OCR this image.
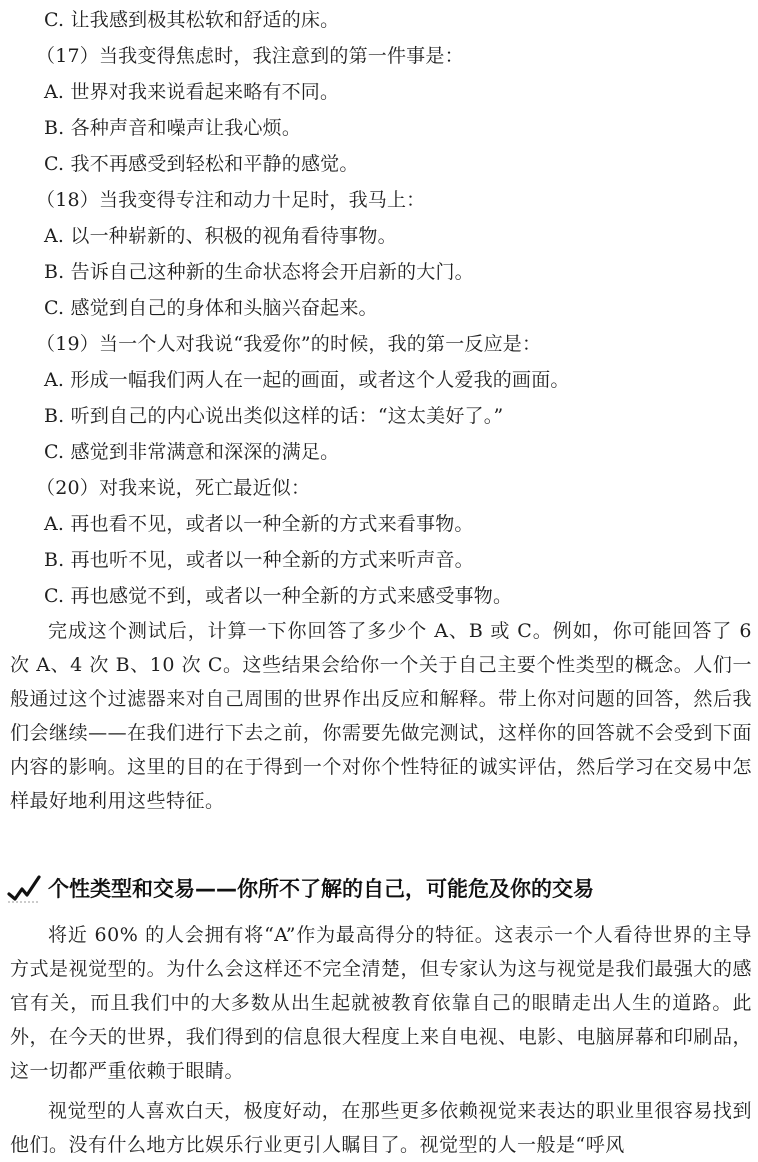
C. 让我感到极其松软和舒适的床。
（17）当我变得焦虑时，我注意到的第一件事是：
A. 世界对我来说看起来略有不同。
B. 各种声音和噪声让我心烦。
C. 我不再感受到轻松和平静的感觉。
（18）当我变得专注和动力十足时，我马上：
A. 以一种崭新的、积极的视角看待事物。
B. 告诉自己这种新的生命状态将会开启新的大门。
C. 感觉到自己的身体和头脑兴奋起来。
（19）当一个人对我说“我爱你”的时候，我的第一反应是：
A. 形成一幅我们两人在一起的画面，或者这个人爱我的画面。
B. 听到自己的内心说出类似这样的话：“这太美好了。”
C. 感觉到非常满意和深深的满足。
（20）对我来说，死亡最近似：
A. 再也看不见，或者以一种全新的方式来看事物。
B. 再也听不见，或者以一种全新的方式来听声音。
C. 再也感觉不到，或者以一种全新的方式来感受事物。
完成这个测试后，计算一下你回答了多少个 A、B 或 C。例如，你可能回答了 6 次 A、4 次 B、10 次 C。这些结果会给你一个关于自己主要个性类型的概念。人们一般通过这个过滤器来对自己周围的世界作出反应和解释。带上你对问题的回答，然后我们会继续——在我们进行下去之前，你需要先做完测试，这样你的回答就不会受到下面内容的影响。这里的目的在于得到一个对你个性特征的诚实评估，然后学习在交易中怎样最好地利用这些特征。
个性类型和交易——你所不了解的自己，可能危及你的交易
将近 60% 的人会拥有将“A”作为最高得分的特征。这表示一个人看待世界的主导方式是视觉型的。为什么会这样还不完全清楚，但专家认为这与视觉是我们最强大的感官有关，而且我们中的大多数从出生起就被教育依靠自己的眼睛走出人生的道路。此外，在今天的世界，我们得到的信息很大程度上来自电视、电影、电脑屏幕和印刷品，这一切都严重依赖于眼睛。
视觉型的人喜欢白天，极度好动，在那些更多依赖视觉来表达的职业里很容易找到他们。没有什么地方比娱乐行业更引人瞩目了。视觉型的人一般是“呼风
